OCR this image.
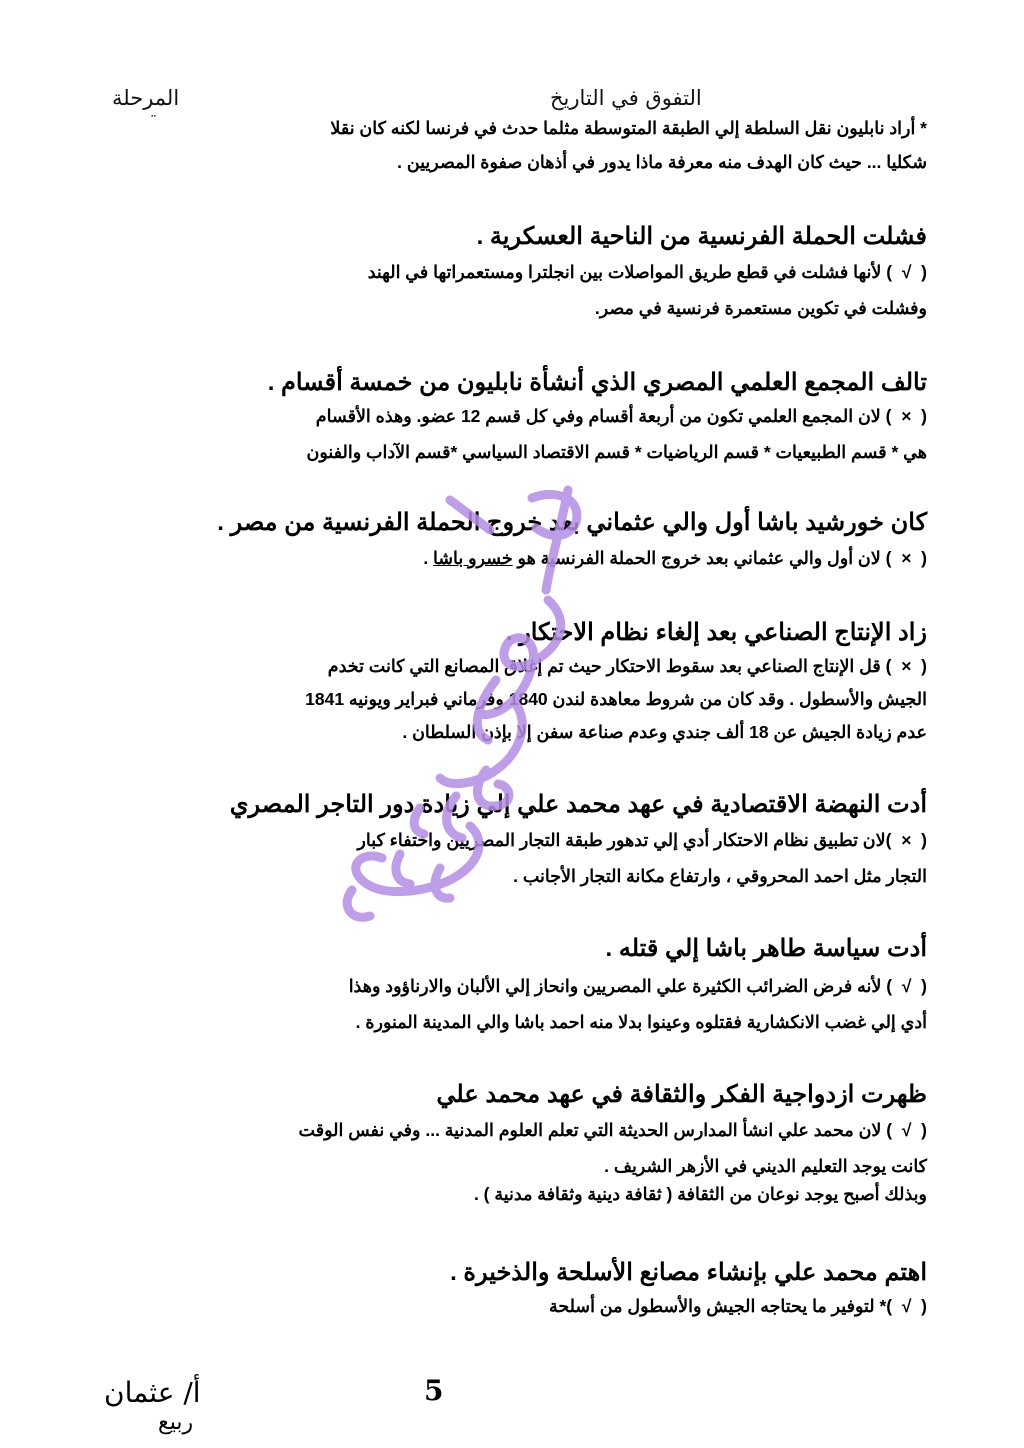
المرحلة	التفوق في التاريخ
¨	* أراد نابليون نقل السلطة إلي الطبقة المتوسطة مثلما حدث في فرنسا لكنه كان نقلا
شكليا ... حيث كان الهدف منه معرفة ماذا يدور في أذهان صفوة المصريين .
فشلت الحملة الفرنسية من الناحية العسكرية .
(  √  ) لأنها فشلت في قطع طريق المواصلات بين انجلترا ومستعمراتها في الهند
وفشلت في تكوين مستعمرة فرنسية في مصر.
تالف المجمع العلمي المصري الذي أنشأة نابليون من خمسة أقسام .
(  ×  ) لان المجمع العلمي تكون من أربعة أقسام وفي كل قسم 12 عضو. وهذه الأقسام
هي * قسم الطبيعيات * قسم الرياضيات * قسم الاقتصاد السياسي *قسم الآداب والفنون
كان خورشيد باشا أول والي عثماني بعد خروج الحملة الفرنسية من مصر .
(  ×  ) لان أول والي عثماني بعد خروج الحملة الفرنسية هو خسرو باشا .
زاد الإنتاج الصناعي بعد إلغاء نظام الاحتكار .
(  ×  ) قل الإنتاج الصناعي بعد سقوط الاحتكار حيث تم إغلاق المصانع التي كانت تخدم
الجيش والأسطول . وقد كان من شروط معاهدة لندن 1840 وفرماني فبراير ويونيه 1841
عدم زيادة الجيش عن 18 ألف جندي وعدم صناعة سفن إلا بإذن السلطان .
أدت النهضة الاقتصادية في عهد محمد علي إلي زيادة دور التاجر المصري
(  ×  )لان تطبيق نظام الاحتكار أدي إلي تدهور طبقة التجار المصريين واختفاء كبار
التجار مثل احمد المحروقي ، وارتفاع مكانة التجار الأجانب .
أدت سياسة طاهر باشا إلي قتله .
(  √  ) لأنه فرض الضرائب الكثيرة علي المصريين وانحاز إلي الألبان والارناؤود وهذا
أدي إلي غضب الانكشارية فقتلوه وعينوا بدلا منه احمد باشا والي المدينة المنورة .
ظهرت ازدواجية الفكر والثقافة في عهد محمد علي
(  √  ) لان محمد علي انشأ المدارس الحديثة التي تعلم العلوم المدنية ... وفي نفس الوقت
كانت يوجد التعليم الديني في الأزهر الشريف .
وبذلك أصبح يوجد نوعان من الثقافة ( ثقافة دينية وثقافة مدنية ) .
اهتم محمد علي بإنشاء مصانع الأسلحة والذخيرة .
(  √  )* لتوفير ما يحتاجه الجيش والأسطول من أسلحة
أ/ عثمان
ربيع
5
